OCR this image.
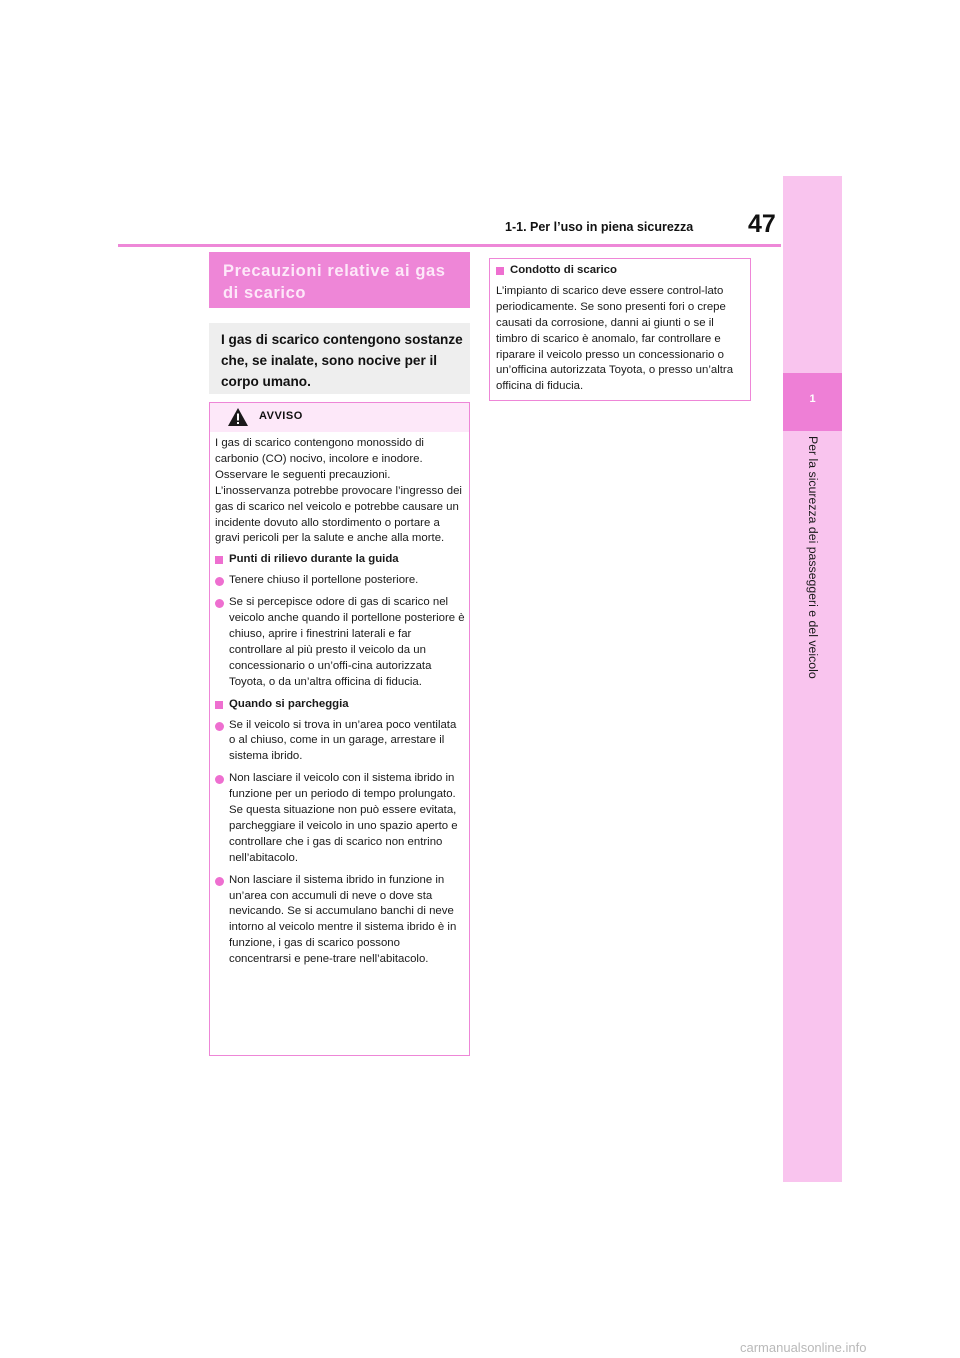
1-1. Per l’uso in piena sicurezza 47
1
Per la sicurezza dei passeggeri e del veicolo
Precauzioni relative ai gas di scarico
I gas di scarico contengono sostanze che, se inalate, sono nocive per il corpo umano.
AVVISO

I gas di scarico contengono monossido di carbonio (CO) nocivo, incolore e inodore. Osservare le seguenti precauzioni. L’inosservanza potrebbe provocare l’ingresso dei gas di scarico nel veicolo e potrebbe causare un incidente dovuto allo stordimento o portare a gravi pericoli per la salute e anche alla morte.

Punti di rilievo durante la guida
Tenere chiuso il portellone posteriore.
Se si percepisce odore di gas di scarico nel veicolo anche quando il portellone posteriore è chiuso, aprire i finestrini laterali e far controllare al più presto il veicolo da un concessionario o un’offi-cina autorizzata Toyota, o da un’altra officina di fiducia.
Quando si parcheggia
Se il veicolo si trova in un’area poco ventilata o al chiuso, come in un garage, arrestare il sistema ibrido.
Non lasciare il veicolo con il sistema ibrido in funzione per un periodo di tempo prolungato. Se questa situazione non può essere evitata, parcheggiare il veicolo in uno spazio aperto e controllare che i gas di scarico non entrino nell’abitacolo.
Non lasciare il sistema ibrido in funzione in un’area con accumuli di neve o dove sta nevicando. Se si accumulano banchi di neve intorno al veicolo mentre il sistema ibrido è in funzione, i gas di scarico possono concentrarsi e pene-trare nell’abitacolo.
Condotto di scarico

L’impianto di scarico deve essere control-lato periodicamente. Se sono presenti fori o crepe causati da corrosione, danni ai giunti o se il timbro di scarico è anomalo, far controllare e riparare il veicolo presso un concessionario o un’officina autorizzata Toyota, o presso un’altra officina di fiducia.

carmanualsonline.info
